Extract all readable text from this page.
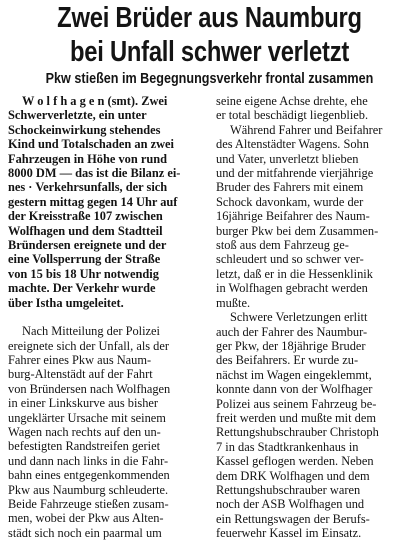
Zwei Brüder aus Naumburg
bei Unfall schwer verletzt
Pkw stießen im Begegnungsverkehr frontal zusammen

W o l f h a g e n (smt). Zwei
Schwerverletzte, ein unter
Schockeinwirkung stehendes
Kind und Totalschaden an zwei
Fahrzeugen in Höhe von rund
8000 DM — das ist die Bilanz ei-
nes · Verkehrsunfalls, der sich
gestern mittag gegen 14 Uhr auf
der Kreisstraße 107 zwischen
Wolfhagen und dem Stadtteil
Bründersen ereignete und der
eine Vollsperrung der Straße
von 15 bis 18 Uhr notwendig
machte. Der Verkehr wurde
über Istha umgeleitet.

Nach Mitteilung der Polizei
ereignete sich der Unfall, als der
Fahrer eines Pkw aus Naum-
burg-Altenstädt auf der Fahrt
von Bründersen nach Wolfhagen
in einer Linkskurve aus bisher
ungeklärter Ursache mit seinem
Wagen nach rechts auf den un-
befestigten Randstreifen geriet
und dann nach links in die Fahr-
bahn eines entgegenkommenden
Pkw aus Naumburg schleuderte.
Beide Fahrzeuge stießen zusam-
men, wobei der Pkw aus Alten-
städt sich noch ein paarmal um

seine eigene Achse drehte, ehe
er total beschädigt liegenblieb.

Während Fahrer und Beifahrer
des Altenstädter Wagens. Sohn
und Vater, unverletzt blieben
und der mitfahrende vierjährige
Bruder des Fahrers mit einem
Schock davonkam, wurde der
16jährige Beifahrer des Naum-
burger Pkw bei dem Zusammen-
stoß aus dem Fahrzeug ge-
schleudert und so schwer ver-
letzt, daß er in die Hessenklinik
in Wolfhagen gebracht werden
mußte.

Schwere Verletzungen erlitt
auch der Fahrer des Naumbur-
ger Pkw, der 18jährige Bruder
des Beifahrers. Er wurde zu-
nächst im Wagen eingeklemmt,
konnte dann von der Wolfhager
Polizei aus seinem Fahrzeug be-
freit werden und mußte mit dem
Rettungshubschrauber Christoph
7 in das Stadtkrankenhaus in
Kassel geflogen werden. Neben
dem DRK Wolfhagen und dem
Rettungshubschrauber waren
noch der ASB Wolfhagen und
ein Rettungswagen der Berufs-
feuerwehr Kassel im Einsatz.
